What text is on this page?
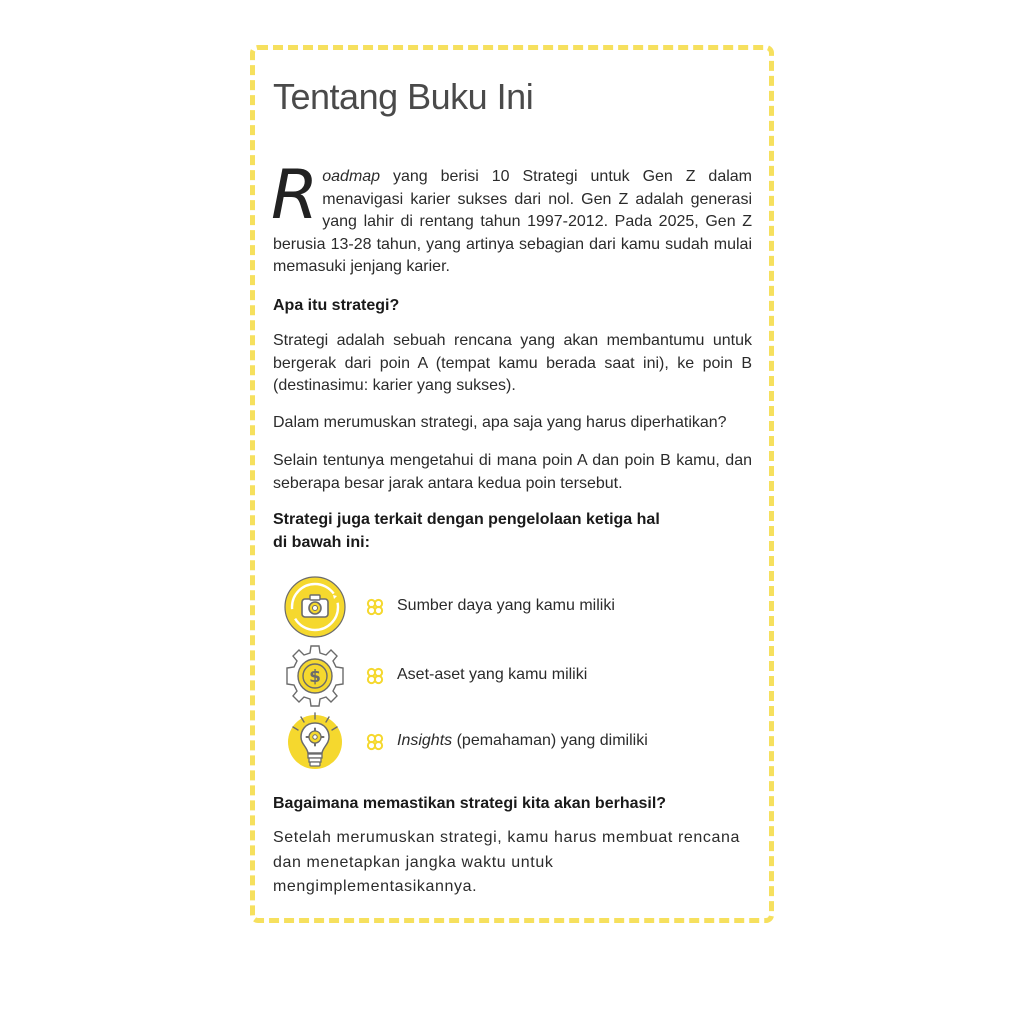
Tentang Buku Ini

Roadmap yang berisi 10 Strategi untuk Gen Z dalam menavigasi karier sukses dari nol. Gen Z adalah generasi yang lahir di rentang tahun 1997-2012. Pada 2025, Gen Z berusia 13-28 tahun, yang artinya sebagian dari kamu sudah mulai memasuki jenjang karier.

Apa itu strategi?

Strategi adalah sebuah rencana yang akan membantumu untuk bergerak dari poin A (tempat kamu berada saat ini), ke poin B (destinasimu: karier yang sukses).

Dalam merumuskan strategi, apa saja yang harus diperhatikan?

Selain tentunya mengetahui di mana poin A dan poin B kamu, dan seberapa besar jarak antara kedua poin tersebut.

Strategi juga terkait dengan pengelolaan ketiga hal
di bawah ini:

Sumber daya yang kamu miliki
$	Aset-aset yang kamu miliki
Insights (pemahaman) yang dimiliki

Bagaimana memastikan strategi kita akan berhasil?

Setelah merumuskan strategi, kamu harus membuat rencana dan menetapkan jangka waktu untuk mengimplementasikannya.
